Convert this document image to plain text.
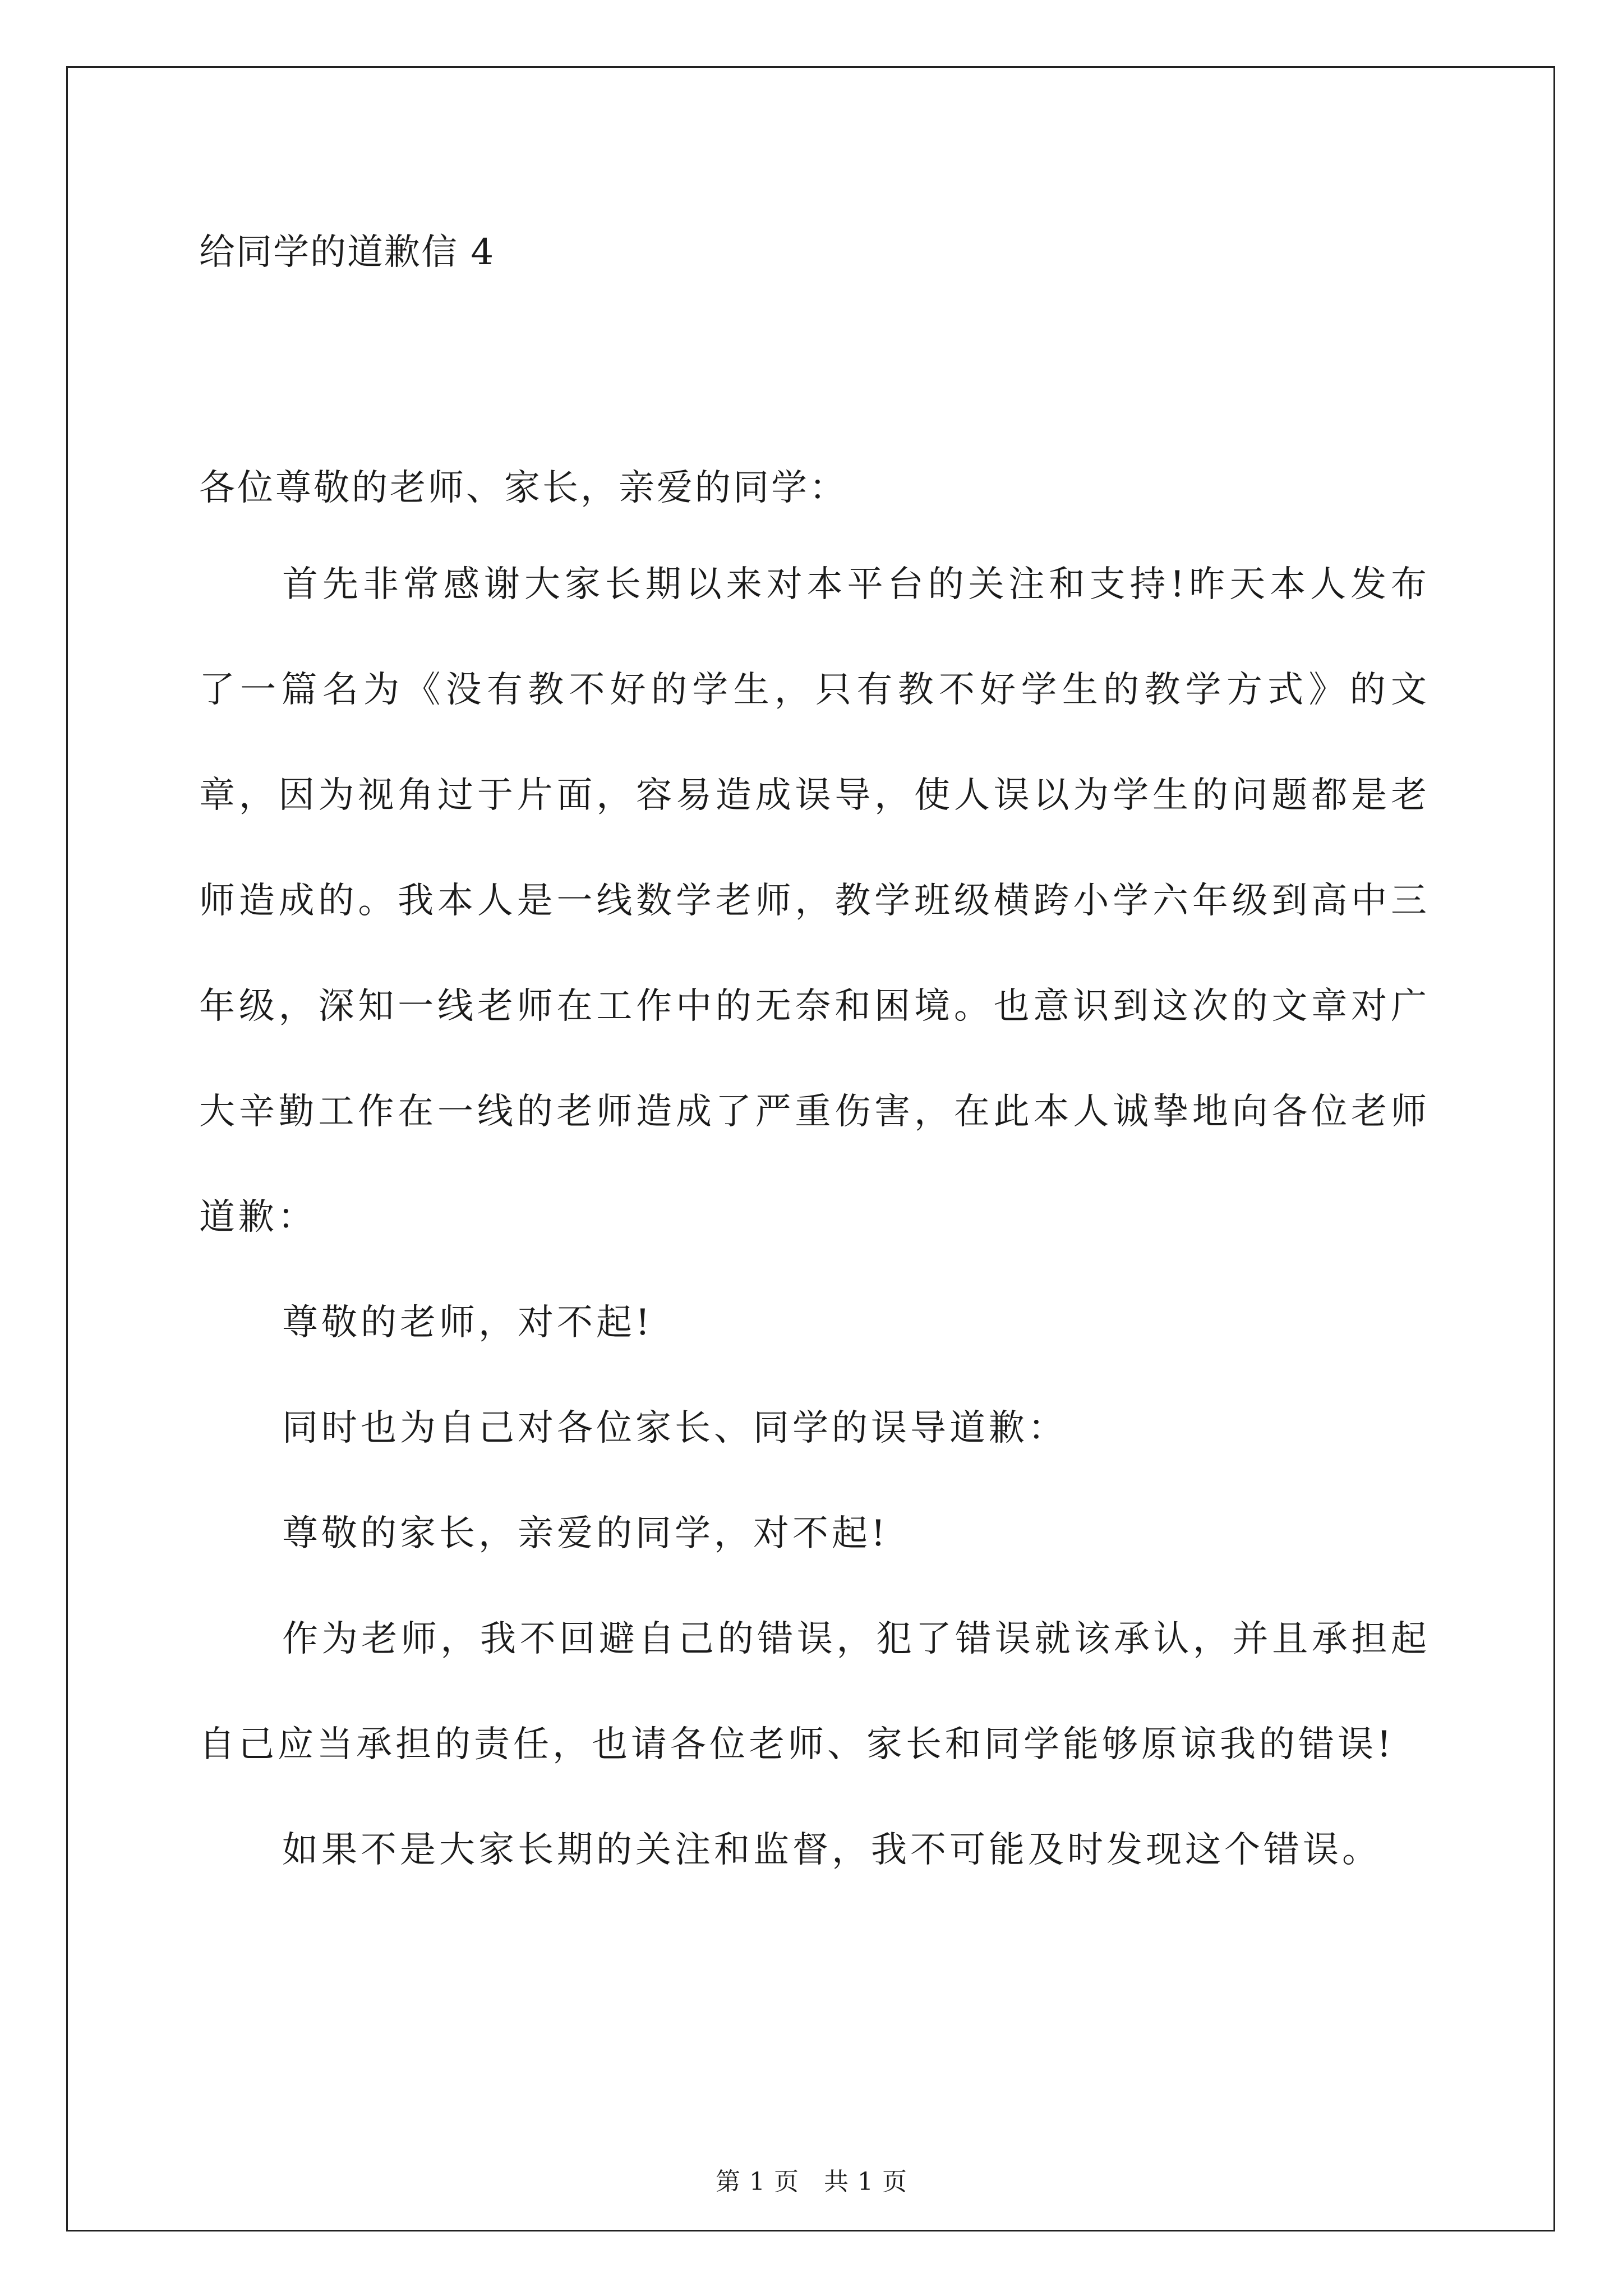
给同学的道歉信 4

各位尊敬的老师、家长，亲爱的同学：

首先非常感谢大家长期以来对本平台的关注和支持!昨天本人发布了一篇名为《没有教不好的学生，只有教不好学生的教学方式》的文章，因为视角过于片面，容易造成误导，使人误以为学生的问题都是老师造成的。我本人是一线数学老师，教学班级横跨小学六年级到高中三年级，深知一线老师在工作中的无奈和困境。也意识到这次的文章对广大辛勤工作在一线的老师造成了严重伤害，在此本人诚挚地向各位老师道歉：

尊敬的老师，对不起!

同时也为自己对各位家长、同学的误导道歉：

尊敬的家长，亲爱的同学，对不起!

作为老师，我不回避自己的错误，犯了错误就该承认，并且承担起自己应当承担的责任，也请各位老师、家长和同学能够原谅我的错误!

如果不是大家长期的关注和监督，我不可能及时发现这个错误。

第 1 页 共 1 页
